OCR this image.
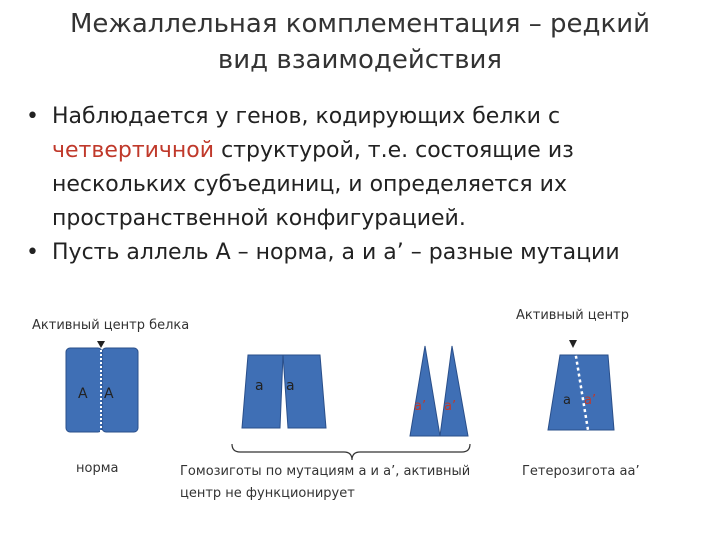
Межаллельная комплементация – редкий
вид взаимодействия
• Наблюдается у генов, кодирующих белки с
четвертичной структурой, т.е. состоящие из
нескольких субъединиц, и определяется их
пространственной конфигурацией.
• Пусть аллель А – норма, а и а’ – разные мутации
Активный центр белка
Активный центр
А А
норма
а а
а’ а’
Гомозиготы по мутациям а и а’, активный
центр не функционирует
а а’
Гетерозигота аа’
